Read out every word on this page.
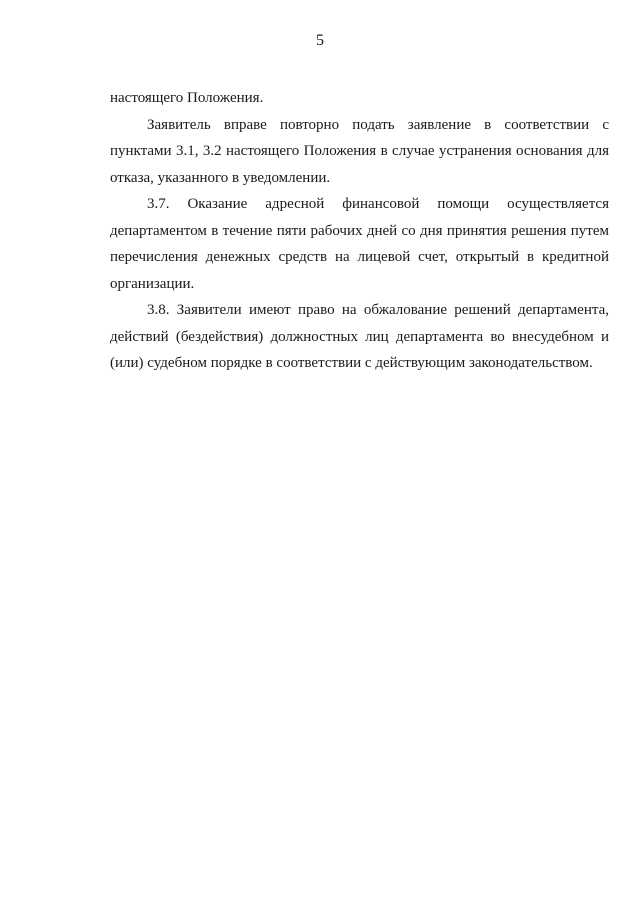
5

настоящего Положения.

Заявитель вправе повторно подать заявление в соответствии с
пунктами 3.1, 3.2 настоящего Положения в случае устранения основания для
отказа, указанного в уведомлении.

3.7. Оказание адресной финансовой помощи осуществляется
департаментом в течение пяти рабочих дней со дня принятия решения путем
перечисления денежных средств на лицевой счет, открытый в кредитной
организации.

3.8. Заявители имеют право на обжалование решений департамента,
действий (бездействия) должностных лиц департамента во внесудебном и
(или) судебном порядке в соответствии с действующим законодательством.
